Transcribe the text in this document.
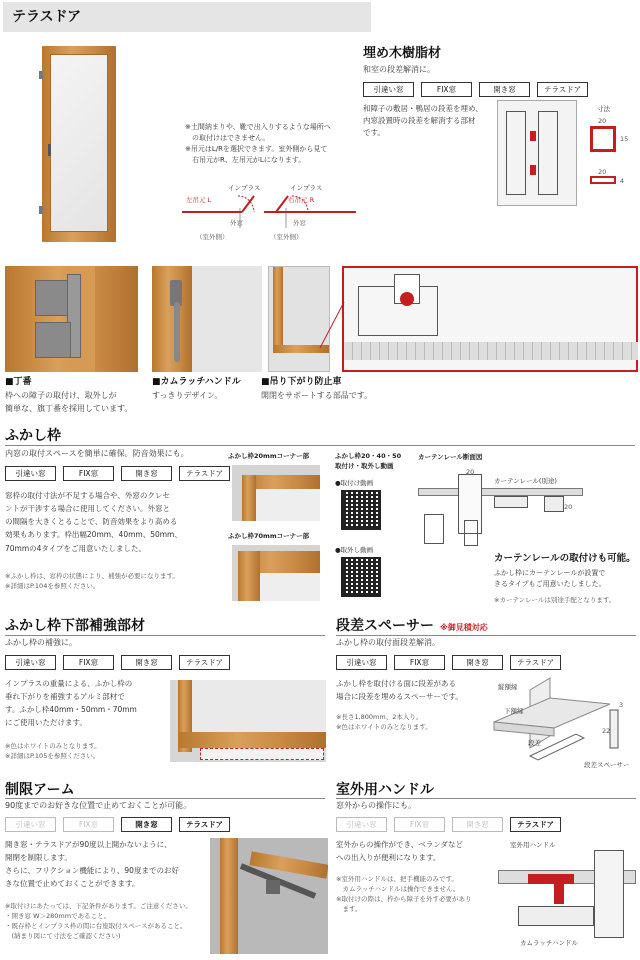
テラスドア
※土間納まりや、靴で出入りするような場所へ
　の取付けはできません。
※吊元はL/Rを選択できます。室外側から見て
　右吊元がR、左吊元がLになります。
インプラス
左吊元 L
外窓
（室外側）
インプラス
右吊元 R
外窓
（室外側）
埋め木樹脂材
和室の段差解消に。
引違い窓	FIX窓	開き窓	テラスドア
和障子の敷居・鴨居の段差を埋め、
内窓設置時の段差を解消する部材
です。
寸法
20
15
20
4
■丁番
枠への障子の取付け、取外しが
簡単な、旗丁番を採用しています。
■カムラッチハンドル
すっきりデザイン。
■吊り下がり防止車
開閉をサポートする部品です。
ふかし枠
内窓の取付スペースを簡単に確保。防音効果にも。
引違い窓	FIX窓	開き窓	テラスドア
窓枠の取付寸法が不足する場合や、外窓のクレセ
ントが干渉する場合に使用してください。外窓と
の間隔を大きくとることで、防音効果をより高める
効果もあります。枠出幅20mm、40mm、50mm、
70mmの4タイプをご用意いたしました。
※ふかし枠は、窓枠の状態により、補強が必要になります。
※詳細はP.104を参照ください。
ふかし枠20mmコーナー部
ふかし枠70mmコーナー部
ふかし枠20・40・50
取付け・取外し動画
●取付け動画
●取外し動画
カーテンレール断面図
カーテンレール(別途)
20
20
カーテンレールの取付けも可能。
ふかし枠にカーテンレールが設置で
きるタイプもご用意いたしました。
※カーテンレールは別途手配となります。
ふかし枠下部補強部材
ふかし枠の補強に。
引違い窓	FIX窓	開き窓	テラスドア
インプラスの重量による、ふかし枠の
垂れ下がりを補強するアルミ部材で
す。ふかし枠40mm・50mm・70mm
にご使用いただけます。
※色はホワイトのみとなります。
※詳細はP.105を参照ください。
段差スペーサー ※御見積対応
ふかし枠の取付面段差解消。
引違い窓	FIX窓	開き窓	テラスドア
ふかし枠を取付ける面に段差がある
場合に段差を埋めるスペーサーです。
※長さ1,800mm、2本入り。
※色はホワイトのみとなります。
縦額縁
下額縁
段差
段差スペーサー
3
22
制限アーム
90度までのお好きな位置で止めておくことが可能。
引違い窓	FIX窓	開き窓	テラスドア
開き窓・テラスドアが90度以上開かないように、
開閉を制限します。
さらに、フリクション機能により、90度までのお好
きな位置で止めておくことができます。
※取付けにあたっては、下記条件があります。ご注意ください。
・開き窓 W＞280mmであること。
・既存枠とインプラス枠の間に台座取付スペースがあること。
　(納まり図にて寸法をご確認ください)
室外用ハンドル
窓外からの操作にも。
引違い窓	FIX窓	開き窓	テラスドア
室外からの操作ができ、ベランダなど
への出入りが便利になります。
※室外用ハンドルは、把手機能のみです。
　カムラッチハンドルは操作できません。
※取付けの際は、枠から障子を外す必要があり
　ます。
室外用ハンドル
カムラッチハンドル
